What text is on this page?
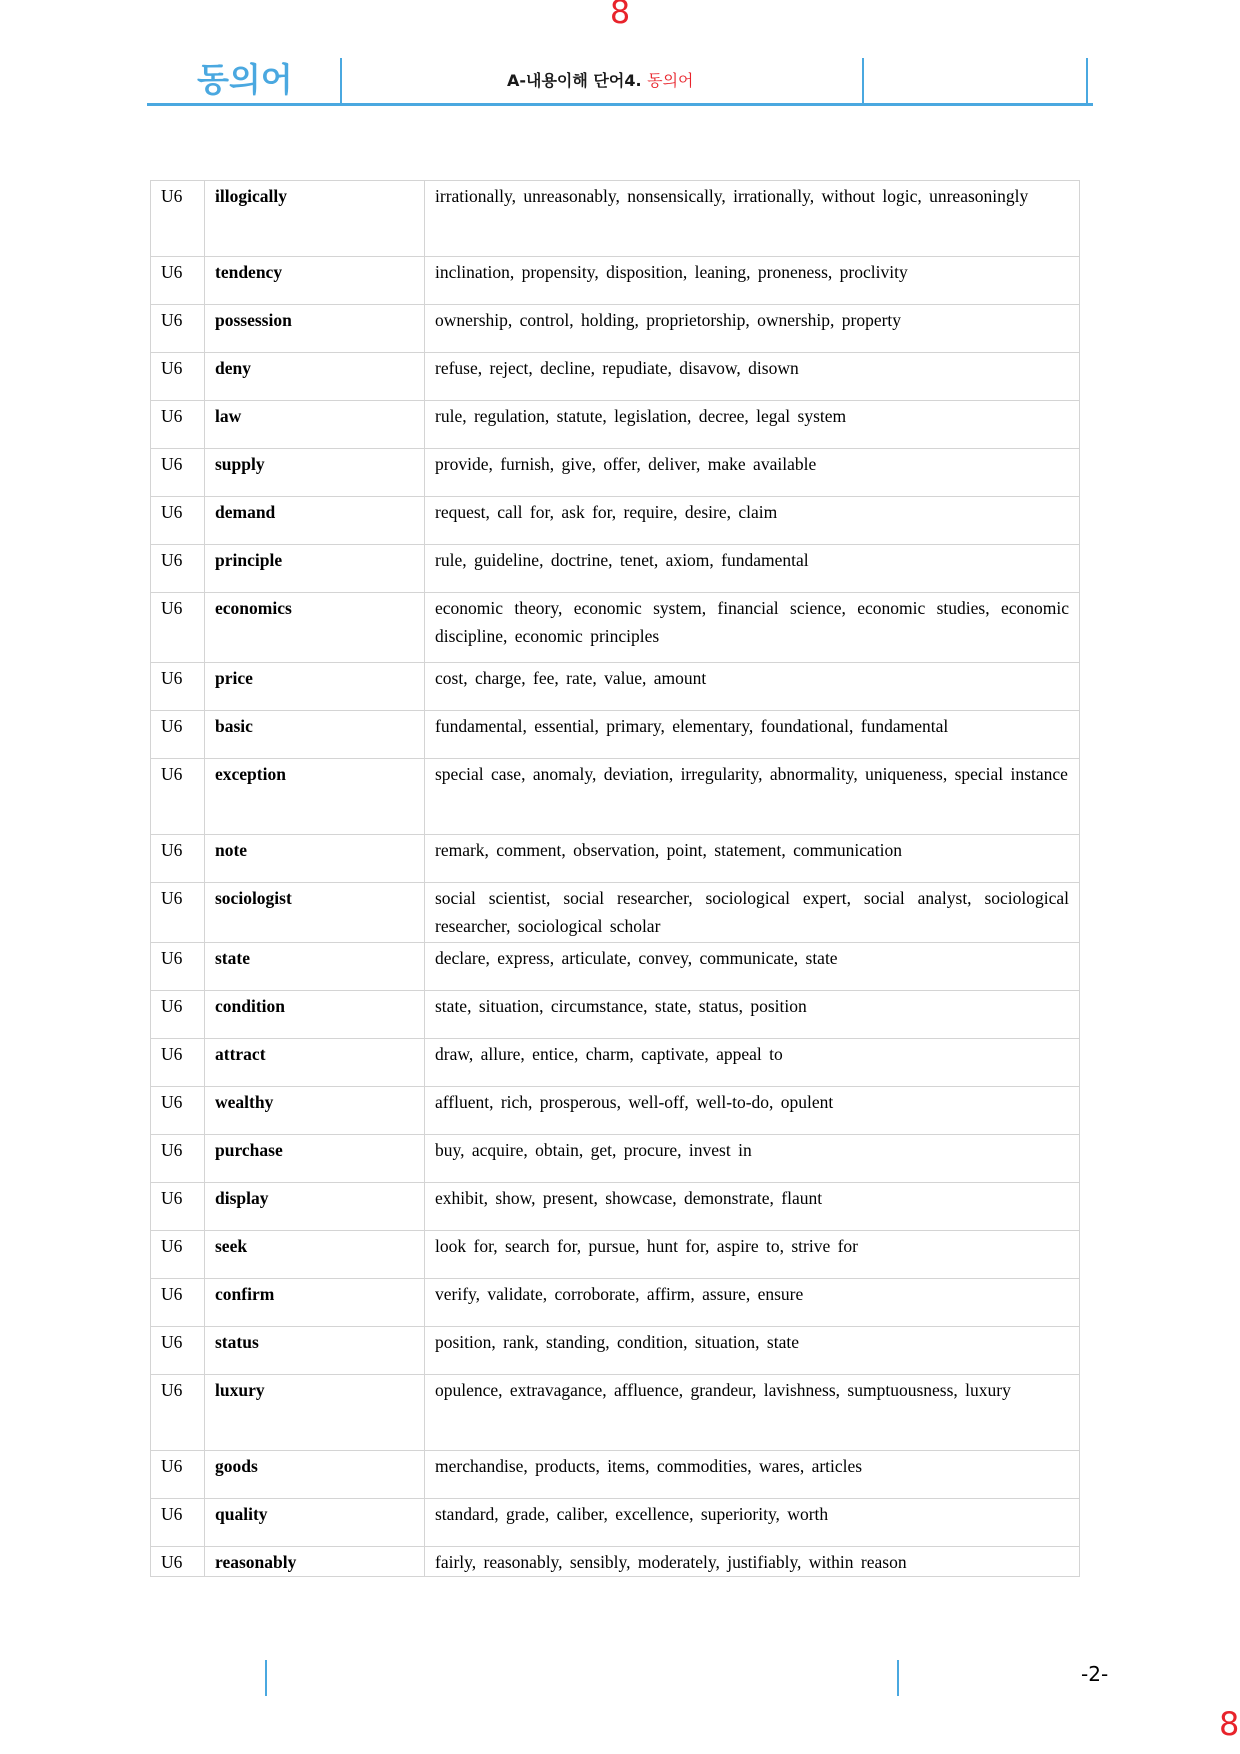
8
동의어	A-내용이해 단어4. 동의어
U6	illogically	irrationally, unreasonably, nonsensically, irrationally, without logic, unreasoningly
U6	tendency	inclination, propensity, disposition, leaning, proneness, proclivity
U6	possession	ownership, control, holding, proprietorship, ownership, property
U6	deny	refuse, reject, decline, repudiate, disavow, disown
U6	law	rule, regulation, statute, legislation, decree, legal system
U6	supply	provide, furnish, give, offer, deliver, make available
U6	demand	request, call for, ask for, require, desire, claim
U6	principle	rule, guideline, doctrine, tenet, axiom, fundamental
U6	economics	economic theory, economic system, financial science, economic studies, economic discipline, economic principles
U6	price	cost, charge, fee, rate, value, amount
U6	basic	fundamental, essential, primary, elementary, foundational, fundamental
U6	exception	special case, anomaly, deviation, irregularity, abnormality, uniqueness, special instance
U6	note	remark, comment, observation, point, statement, communication
U6	sociologist	social scientist, social researcher, sociological expert, social analyst, sociological researcher, sociological scholar
U6	state	declare, express, articulate, convey, communicate, state
U6	condition	state, situation, circumstance, state, status, position
U6	attract	draw, allure, entice, charm, captivate, appeal to
U6	wealthy	affluent, rich, prosperous, well-off, well-to-do, opulent
U6	purchase	buy, acquire, obtain, get, procure, invest in
U6	display	exhibit, show, present, showcase, demonstrate, flaunt
U6	seek	look for, search for, pursue, hunt for, aspire to, strive for
U6	confirm	verify, validate, corroborate, affirm, assure, ensure
U6	status	position, rank, standing, condition, situation, state
U6	luxury	opulence, extravagance, affluence, grandeur, lavishness, sumptuousness, luxury
U6	goods	merchandise, products, items, commodities, wares, articles
U6	quality	standard, grade, caliber, excellence, superiority, worth
U6	reasonably	fairly, reasonably, sensibly, moderately, justifiably, within reason
-2-
8
